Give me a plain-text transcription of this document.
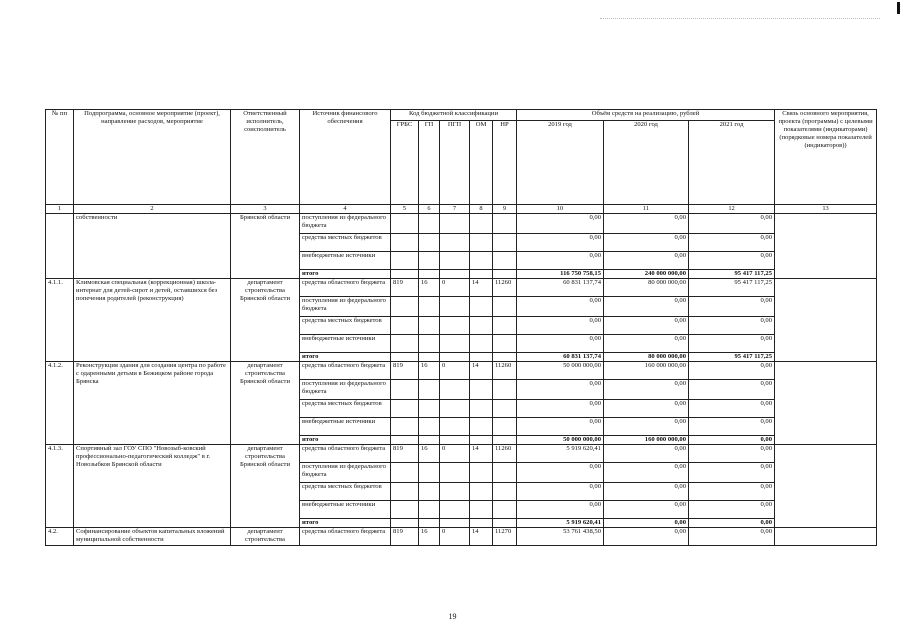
№ пп	Подпрограмма, основное мероприятие (проект), направление расходов, мероприятие	Ответственный исполнитель, соисполнитель	Источник финансового обеспечения	Код бюджетной классификации					Объём средств на реализацию, рублей			Связь основного мероприятия, проекта (программы) с целевыми показателями (индикаторами) (порядковые номера показателей (индикаторов))
				ГРБС	ГП	ПГП	ОМ	НР	2019 год	2020 год	2021 год	
1	2	3	4	5	6	7	8	9	10	11	12	13
	собственности	Брянской области	поступления из федерального бюджета						0,00	0,00	0,00	
			средства местных бюджетов						0,00	0,00	0,00	
			внебюджетные источники						0,00	0,00	0,00	
			итого						116 750 758,15	240 000 000,00	95 417 117,25	
4.1.1.	Климовская специальная (коррекционная) школа-интернат для детей-сирот и детей, оставшихся без попечения родителей (реконструкция)	департамент строительства Брянской области	средства областного бюджета	819	16	0	14	11260	60 831 137,74	80 000 000,00	95 417 117,25	
			поступления из федерального бюджета						0,00	0,00	0,00	
			средства местных бюджетов						0,00	0,00	0,00	
			внебюджетные источники						0,00	0,00	0,00	
			итого						60 831 137,74	80 000 000,00	95 417 117,25	

4.1.2.	Реконструкция здания для создания центра по работе с одаренными детьми в Бежицком районе города Брянска	департамент строительства Брянской области	средства областного бюджета	819	16	0	14	11260	50 000 000,00	160 000 000,00	0,00	
			поступления из федерального бюджета						0,00	0,00	0,00	
			средства местных бюджетов						0,00	0,00	0,00	
			внебюджетные источники						0,00	0,00	0,00	
			итого						50 000 000,00	160 000 000,00	0,00	
4.1.3.	Спортивный зал ГОУ СПО "Новозыб-ковский профессионально-педагогический колледж" в г. Новозыбков Брянской области	департамент строительства Брянской области	средства областного бюджета	819	16	0	14	11260	5 919 620,41	0,00	0,00	
			поступления из федерального бюджета						0,00	0,00	0,00	
			средства местных бюджетов						0,00	0,00	0,00	
			внебюджетные источники						0,00	0,00	0,00	
			итого						5 919 620,41	0,00	0,00	
4.2.	Софинансирование объектов капитальных вложений муниципальной собственности	департамент строительства	средства областного бюджета	819	16	0	14	11270	53 761 438,50	0,00	0,00	
19
